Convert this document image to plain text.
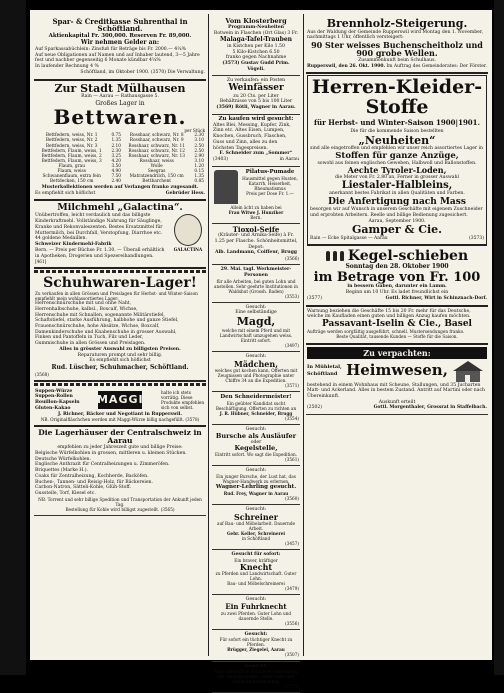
Spar- & Creditkasse Suhrenthal in Schöftland.
Aktienkapital Fr. 300,000. Reserven Fr. 89,000.
Wir nehmen Gelder an:
Auf Sparkassabüchlein: Zinsfuß für Beträge bis Fr. 2000.— 4¼%
Auf neue Obligationen auf Namen und auf Inhaber lautend, 3—5 Jahre fest und nachher gegenseitig 6 Monate kündbar 4¼%
In laufender Rechnung 4 %
Schöftland, im Oktober 1900. (3570) Die Verwaltung.
Zur Stadt Mülhausen
Rain — Aarau — Rathausgasse 5.
Großes Lager in
Bettwaren.
per Stück
Bettfedern, weiss, Nr. 1	0.75	Rosshaar, schwarz, Nr. 8	2.30
Bettfedern, weiss, Nr. 2	1.35	Rosshaar, schwarz, Nr. 9	3.10
Bettfedern, weiss, Nr. 3	2.10	Rosshaar, schwarz, Nr. 11	2.50
Bettfedern, Flaum, weiss, 1	2.30	Rosshaar, schwarz, Nr. 12	2.50
Bettfedern, Flaum, weiss, 2	3.25	Rosshaar, schwarz, Nr. 13	2.90
Bettfedern, Flaum, weiss, 3	4.20	Rosshaar, weiss	3.10
Flaum, grau	3.50	Wolle	1.20
Flaum, weiss	4.90	Seegras	0.15
Schwanenflaum, extra fein	7.50	Matratzendrilch, 150 cm	1.35
Bettdecken, 150 cm	2.40	Bettbarchent	0.85
Musterkollektionen werden auf Verlangen franko zugesandt.
Es empfiehlt sich höflichst	Gebrüder Hess.
Milchmehl „Galactina“.
Unübertroffen, leicht verdaulich und das billigste Kinderkraftmehl. Vollständige Nahrung für Säuglinge, Kranke und Rekonvaleszenten. Bestes Ersatzmittel für Muttermilch, bei Durchfall, Verstopfung, Diarrhoe etc. 44 goldene Medaillen.
Schweizer Kindermehl-Fabrik
Bern. — Preis per Büchse Fr. 1.30. — Überall erhältlich in Apotheken, Drogerien und Spezereihandlungen.
GALACTINA
[461]
Schuhwaren-Lager!
Zu verkaufen in allen Grössen und Preislagen für Herbst- und Winter-Saison empfiehlt mein wohlassortiertes Lager:
Herrenschnürschuhe mit und ohne Naht,
Herrenhalbschuhe, kalbsl., Boxcalf, Wichse,
Herrenschuhe mit Schnallen, sogenannte Militärstiefel,
Schaftstiefel, starke Ausführung, halbhohe und ganze Stiefel,
Frauenschnürschuhe, hohe Absätze, Wichse, Boxcalf,
Damenkinderschuhe und Knabenschuhe in grosser Auswahl,
Finken und Pantoffeln in Tuch, Filz und Leder,
Gummischuhe in allen Grössen und Preislagen.
Alles in grösster Auswahl zu billigsten Preisen.
Reparaturen prompt und sehr billig.
Es empfiehlt sich höflichst
Rud. Lüscher, Schuhmacher, Schöftland.
(3568)
Suppen-Würze
Suppen-Rollen
Bouillon-Kapseln
Gluten-Kakao
MAGGI
halte ich stets vorrätig. Diese Produkte empfehlen sich von selbst.
J. Richner, Bäcker und Negotiant in Rupperswil.
NB. Originalfläschchen werden mit Maggi-Würze billig nachgefüllt. (3578)
Die Lagerhäuser der Centralschweiz in Aarau
empfehlen zu jeder Jahreszeit gute und billige Preise:
Belgische Würfelkohlen in grossen, mittleren u. kleinen Stücken.
Deutsche Würfelkohlen.
Englische Anthrazit für Centralheizungen u. Zimmeröfen.
Briquettes (Marke H.).
Coaks für Zentralheizung, Kochherde, Backöfen.
Buchen-, Tannen- und Reisig-Holz, für Bäckereien.
Carbon-Natron, Sätteli-Kohle, Glüh-Stoff.
Gussteile, Torf, Kiesel etc.
NB. Torrent und sehr billige Spedition und Transportation der Ankunft jeden Tag.
Bestellung für Kohle wird billigst zugestellt. (3565)
Vom Klosterberg
Programm-Neuheiten
Rotwein in Flaschen (Ort Glas) 3 Fr.
Malaga-Tafel-Trauben
in Kistchen per Kilo 1.50
5 Kilo-Kistchen 6.50
franko gegen Nachnahme
(3573) Gustav Gudd Prim. Vögeli.
Zu verkaufen: ein Posten
Weinfässer
zu 20 Cts. per Liter
Behältnisse von 5 bis 100 Liter
(3569) Rötli, Wagner in Aarau.
Zu kaufen wird gesucht:
Altes Blei, Messing, Kupfer, Zink, Zinn etc. Altes Eisen, Lumpen, Knochen, Gussbruch, Flaschen, Guss und Zinn, alles zu den höchsten Tagespreisen.
F. Schneider zum „Sommer“
(3403)	in Aarau
Pilatus-Pumade
Hausmittel gegen Husten, Katarrh, Heiserkeit, Rheumatismus
Preis per Dose Fr. 1.—
Allein ächt zu haben bei
Frau Witwe J. Hunziker
Bern.
Tioxol-Seife
(Kräuter- und Arnika-Seife) à Fr. 1.25 per Flasche. Schönheitsmittel, Depot:
Alb. Landmann, Coiffeur, Brugg
(3566)
29. Mai. tagl. Werkmeister-Personen
für alle Arbeiten, bei guten Lohn und anstellen. Sehr geehrte Institutionen in Waldshut (Grossh. Baden)
(3553)
Gesucht:
Eine selbständige
Magd,
welche mit einem Pferd und mit Landwirtschaft umzugehen weiss. Eintritt sofort.
(3497)
Gesucht:
Mädchen,
welches gut kochen kann, Offerten mit Zeugnissen und Photographie unter Chiffre 34 an die Expedition.
(3571)
Den Schneidermeister!
Ein geübter Kandidat sucht Beschäftigung. Offerten zu richten an
J. R. Hübner, Schneider, Brugg
(3554)
Gesucht:
Bursche als Ausläufer
oder
Kegelstelle,
Eintritt sofort. Wo sagt die Expedition.
(3561)
Gesucht:
Ein junger Bursche, der Lust hat, das Wagner-Handwerk zu erlernen.
Wagner-Lehrling gesucht.
Rud. Frey, Wagner in Aarau
(3560)
Gesucht:
Schreiner
auf Bau- und Möbelarbeit. Dauernde Arbeit.
Gebr. Keller, Schreinerei
in Schöftland
(3457)
Gesucht für sofort:
Ein braver, kräftiger
Knecht
zu Pferden und Landwirtschaft. Guter Lohn.
Bau- und Möbelschreinerei
(3479)
Gesucht:
Ein Fuhrknecht
zu zwei Pferden. Guter Lohn und dauernde Stelle.
(3556)
Gesucht:
Für sofort ein tüchtiger Knecht zu Pferden.
Brügger, Ziegelei, Aarau
(3507)
Gesucht:
Eine ordentliche Person zur Besorgung der Hausgeschäfte. Guter Lohn und familiäre Behandlung.
(3572)
Brennholz-Steigerung.
Aus der Waldung der Gemeinde Rupperswil wird Montag den 1. November, nachmittags 1 Uhr, öffentlich versteigert:
90 Ster weisses Buchenscheitholz und 900 grobe Wellen.
Zusammenkunft beim Schulhaus.
Rupperswil, den 26. Okt. 1900. Im Auftrag des Gemeinderates: Der Förster.
Herren-Kleider-Stoffe
für Herbst- und Winter-Saison 1900|1901.
Die für die kommende Saison bestellten
„Neuheiten“
sind alle eingetroffen und empfehlen wir unser reich assortiertes Lager in
Stoffen für ganze Anzüge,
sowohl aus feinen englischen Geweben, Halbwoll und Ballonstoffen.
Aechte Tyroler-Loden,
die Meter von Fr. 2.80 an, Ferner in grosser Auswahl
Liestaler-Halbleins,
anerkannt bestes Fabrikat in allen Qualitäten und Farben.
Die Anfertigung nach Mass
besorgen wir auf Wunsch in unserem Geschäfte mit eigenem Zuschneider und erprobten Arbeitern. Reelle und billige Bedienung zugesichert.
Aarau, September 1900.
Gamper & Cie.
Rain — Ecke Spitalgasse — Aarau	(3573)
Kegel-schieben
Sonntag den 28. Oktober 1900
im Betrage von Fr. 100
in bessern Gaben, darunter ein Lamm.
Beginn um 10 Uhr. Es ladet freundlichst ein
(3577)	Gottl. Richner, Wirt in Schinznach-Dorf.
Warnung beziehen die Geschäfte 15 bis 20 Fr. mehr für das Deutsche, welche im Kaufladen einen guten und billigen Anzug kaufen möchten.
Passavant-Iselin & Cie., Basel
Aufträge werden sorgfältig ausgeführt, schnell. Mustersendungen franko.
Beste Qualität, tausende Kunden — Stoffe für die Saison.
Zu verpachten:
In Mühletal, Schöftland Heimwesen,
bestehend in einem Wohnhaus mit Scheune, Stallungen, und 35 Jucharten Matt- und Ackerland. Alles in bestem Zustand. Antritt auf Martini oder nach Übereinkunft.
Auskunft erteilt
(2502)	Gottl. Morgenthaler, Grossrat in Staffelbach.
